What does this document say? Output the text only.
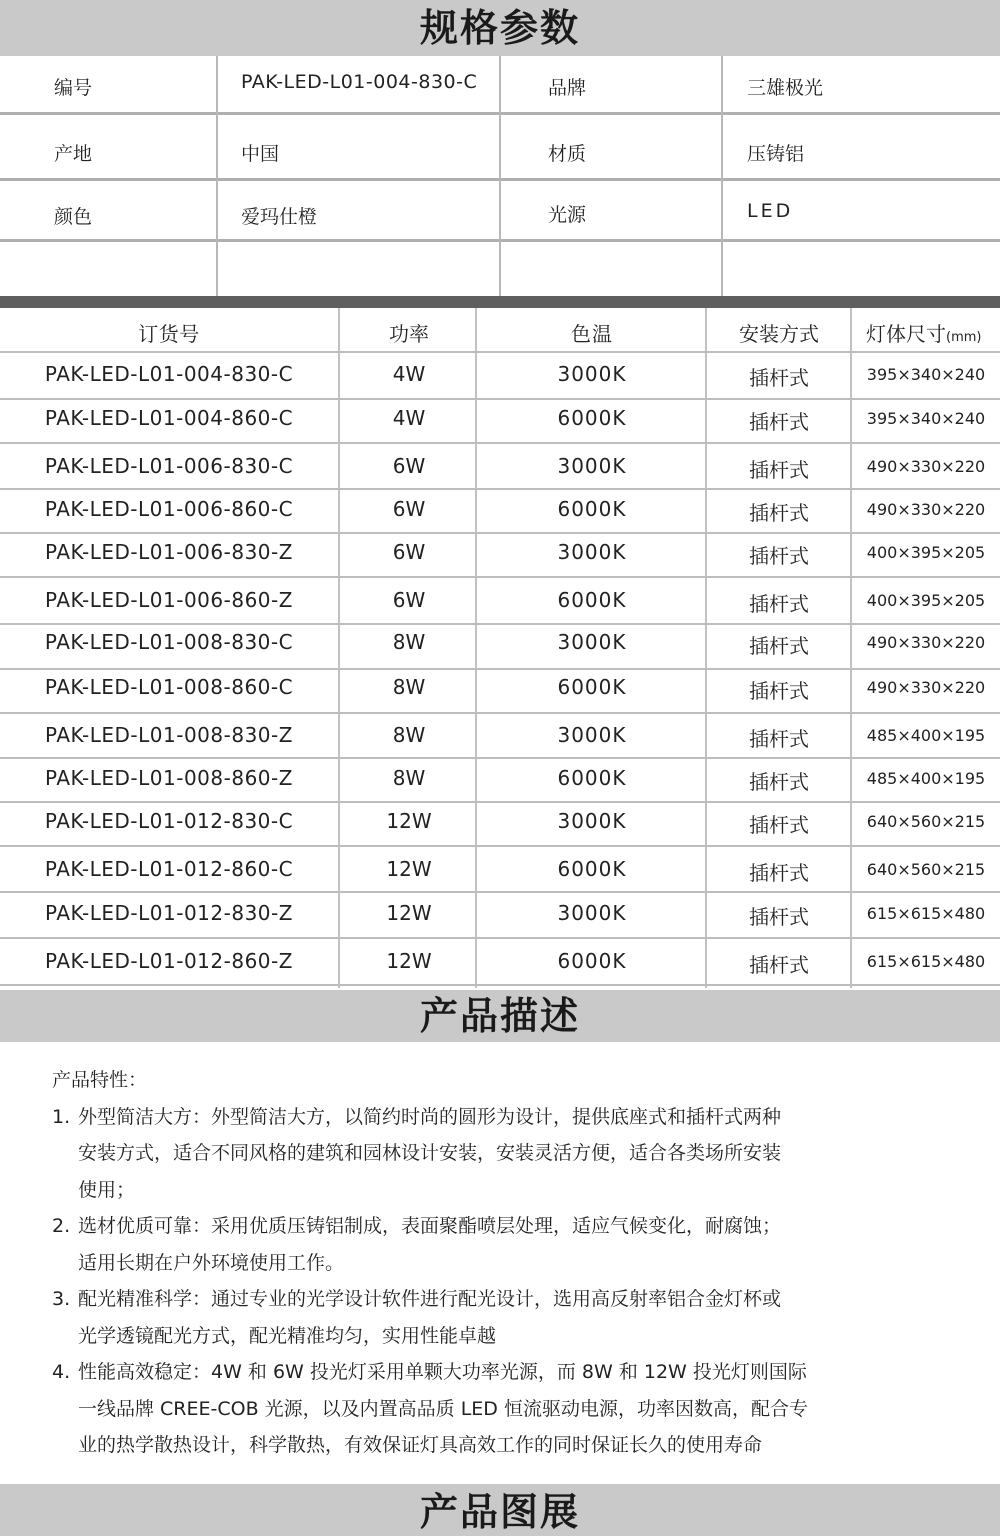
规格参数
编号	PAK-LED-L01-004-830-C	品牌	三雄极光
产地	中国	材质	压铸铝
颜色	爱玛仕橙	光源	LED
订货号	功率	色温	安装方式	灯体尺寸(mm)
PAK-LED-L01-004-830-C	4W	3000K	插杆式	395×340×240
PAK-LED-L01-004-860-C	4W	6000K	插杆式	395×340×240
PAK-LED-L01-006-830-C	6W	3000K	插杆式	490×330×220
PAK-LED-L01-006-860-C	6W	6000K	插杆式	490×330×220
PAK-LED-L01-006-830-Z	6W	3000K	插杆式	400×395×205
PAK-LED-L01-006-860-Z	6W	6000K	插杆式	400×395×205
PAK-LED-L01-008-830-C	8W	3000K	插杆式	490×330×220
PAK-LED-L01-008-860-C	8W	6000K	插杆式	490×330×220
PAK-LED-L01-008-830-Z	8W	3000K	插杆式	485×400×195
PAK-LED-L01-008-860-Z	8W	6000K	插杆式	485×400×195
PAK-LED-L01-012-830-C	12W	3000K	插杆式	640×560×215
PAK-LED-L01-012-860-C	12W	6000K	插杆式	640×560×215
PAK-LED-L01-012-830-Z	12W	3000K	插杆式	615×615×480
PAK-LED-L01-012-860-Z	12W	6000K	插杆式	615×615×480
产品描述

产品特性：

1. 外型简洁大方：外型简洁大方，以简约时尚的圆形为设计，提供底座式和插杆式两种

安装方式，适合不同风格的建筑和园林设计安装，安装灵活方便，适合各类场所安装

使用；

2. 选材优质可靠：采用优质压铸铝制成，表面聚酯喷层处理，适应气候变化，耐腐蚀；

适用长期在户外环境使用工作。

3. 配光精准科学：通过专业的光学设计软件进行配光设计，选用高反射率铝合金灯杯或

光学透镜配光方式，配光精准均匀，实用性能卓越

4. 性能高效稳定：4W 和 6W 投光灯采用单颗大功率光源，而 8W 和 12W 投光灯则国际

一线品牌 CREE-COB 光源，以及内置高品质 LED 恒流驱动电源，功率因数高，配合专

业的热学散热设计，科学散热，有效保证灯具高效工作的同时保证长久的使用寿命

产品图展
